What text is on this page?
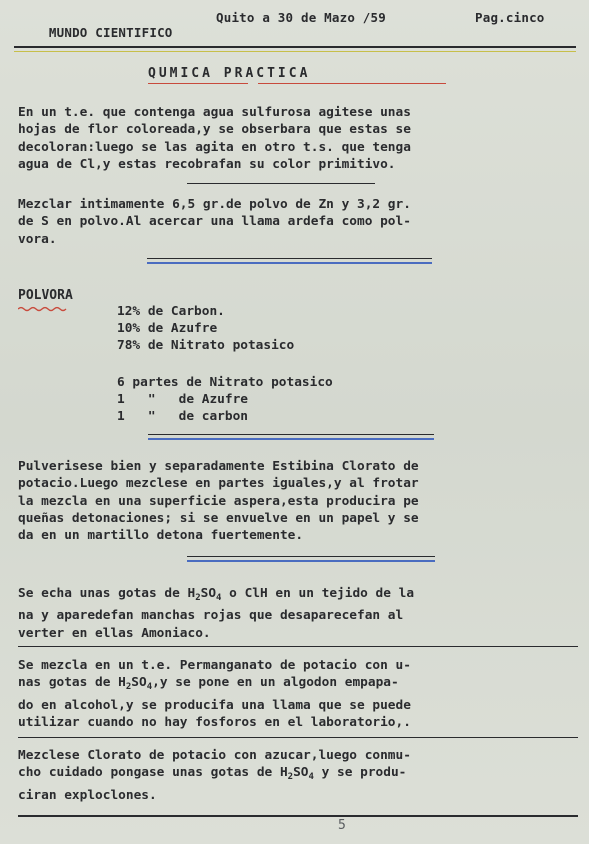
MUNDO CIENTIFICO

Quito a 30 de Mazo /59

	Pag.cinco

QUMICA PRACTICA
En un t.e. que contenga agua sulfurosa agitese unas
hojas de flor coloreada,y se obserbara que estas se
decoloran:luego se las agita en otro t.s. que tenga
agua de Cl,y estas recobrafan su color primitivo.
Mezclar intimamente 6,5 gr.de polvo de Zn y 3,2 gr.
de S en polvo.Al acercar una llama ardefa como pol-
vora.
POLVORA
12% de Carbon.
10% de Azufre
78% de Nitrato potasico
6 partes de Nitrato potasico
1   "   de Azufre
1   "   de carbon
Pulverisese bien y separadamente Estibina Clorato de
potacio.Luego mezclese en partes iguales,y al frotar
la mezcla en una superficie aspera,esta producira pe
queñas detonaciones; si se envuelve en un papel y se
da en un martillo detona fuertemente.
Se echa unas gotas de $H_2SO_4$ o ClH en un tejido de la
na y aparedefan manchas rojas que desaparecefan al
verter en ellas Amoniaco.
Se mezcla en un t.e. Permanganato de potacio con u-
nas gotas de $H_2SO_4,y$ se pone en un algodon empapa-
do en alcohol,y se producifa una llama que se puede
utilizar cuando no hay fosforos en el laboratorio,.
Mezclese Clorato de potacio con azucar,luego conmu-
cho cuidado pongase unas gotas de $H_2SO_4$ y se produ-
ciran exploclones.
5
